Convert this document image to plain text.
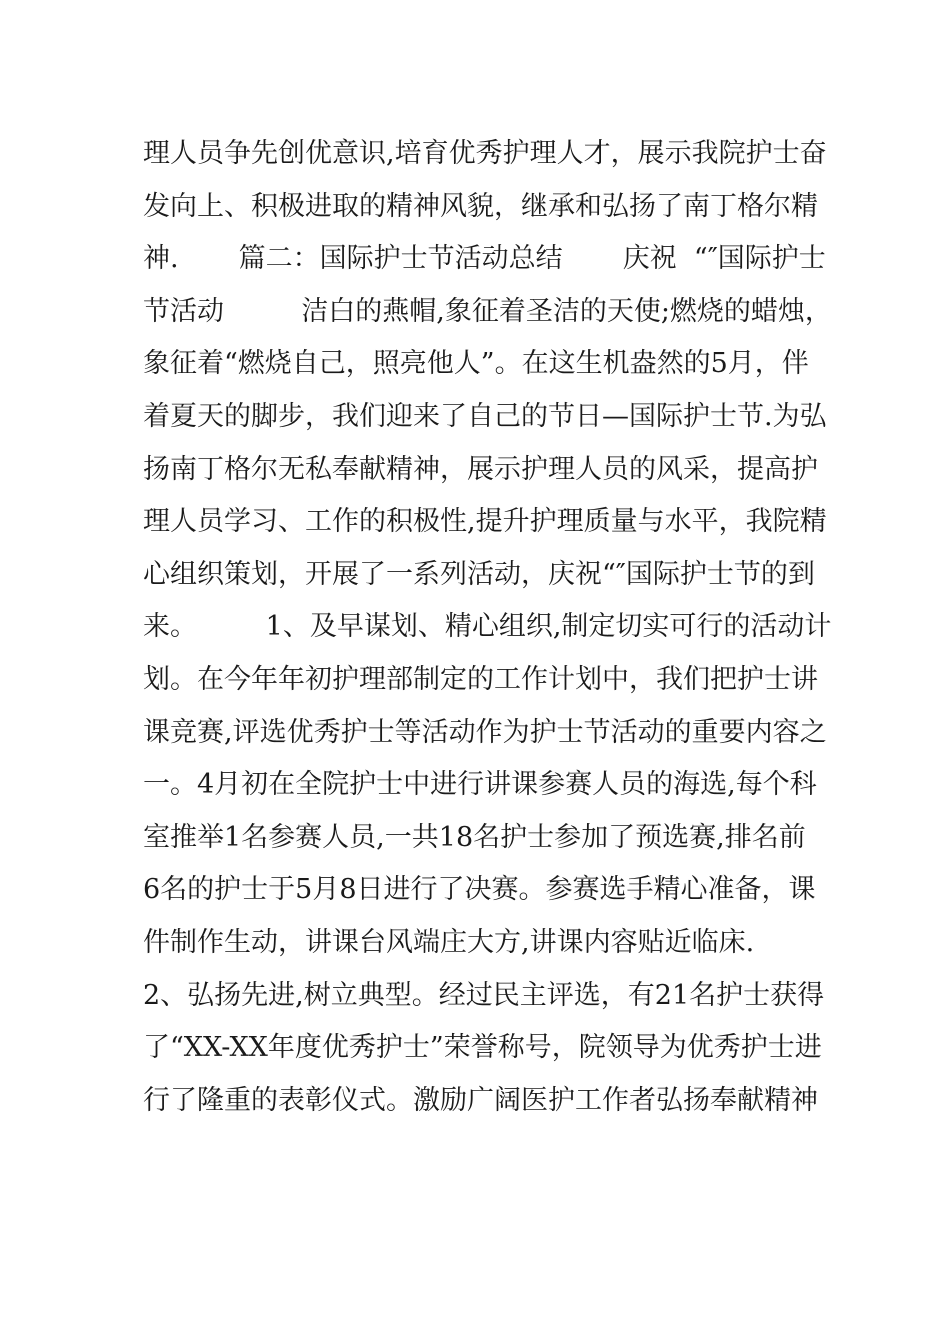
理人员争先创优意识,培育优秀护理人才，展示我院护士奋
发向上、积极进取的精神风貌，继承和弘扬了南丁格尔精
神.       篇二：国际护士节活动总结       庆祝  “″国际护士
节活动         洁白的燕帽,象征着圣洁的天使;燃烧的蜡烛，
象征着“燃烧自己，照亮他人”。在这生机盎然的5月，伴
着夏天的脚步，我们迎来了自己的节日—国际护士节.为弘
扬南丁格尔无私奉献精神，展示护理人员的风采，提高护
理人员学习、工作的积极性,提升护理质量与水平，我院精
心组织策划，开展了一系列活动，庆祝“″国际护士节的到
来。        1、及早谋划、精心组织,制定切实可行的活动计
划。在今年年初护理部制定的工作计划中，我们把护士讲
课竞赛,评选优秀护士等活动作为护士节活动的重要内容之
一。4月初在全院护士中进行讲课参赛人员的海选,每个科
室推举1名参赛人员,一共18名护士参加了预选赛,排名前
6名的护士于5月8日进行了决赛。参赛选手精心准备，课
件制作生动，讲课台风端庄大方,讲课内容贴近临床.
2、弘扬先进,树立典型。经过民主评选，有21名护士获得
了“XX-XX年度优秀护士”荣誉称号，院领导为优秀护士进
行了隆重的表彰仪式。激励广阔医护工作者弘扬奉献精神
